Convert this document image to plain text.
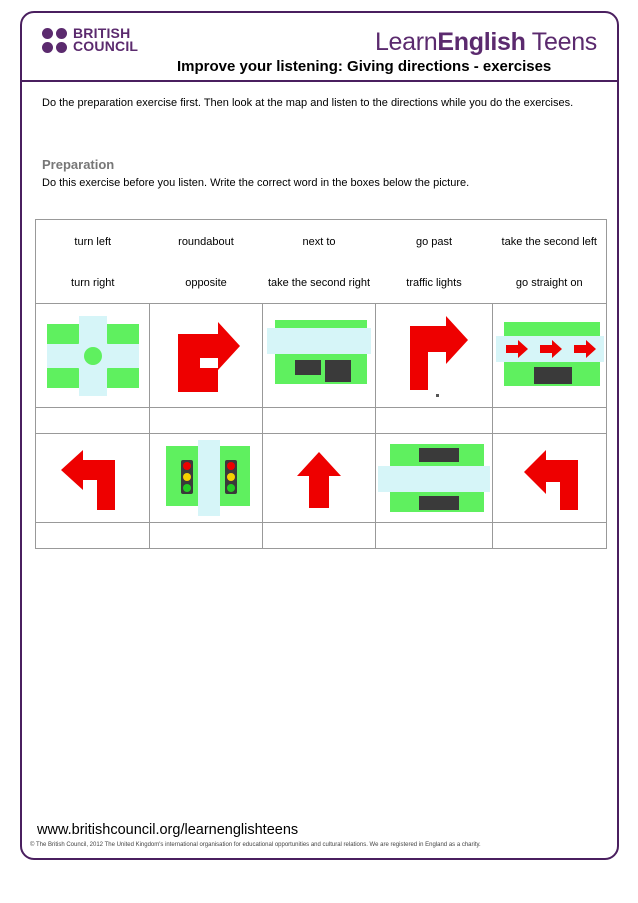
BRITISH
COUNCIL	LearnEnglish Teens
Improve your listening: Giving directions - exercises
Do the preparation exercise first. Then look at the map and listen to the directions while you do the exercises.
Preparation
Do this exercise before you listen. Write the correct word in the boxes below the picture.
turn left	roundabout	next to	go past	take the second left
turn right	opposite	take the second right	traffic lights	go straight on

www.britishcouncil.org/learnenglishteens
© The British Council, 2012 The United Kingdom's international organisation for educational opportunities and cultural relations. We are registered in England as a charity.
